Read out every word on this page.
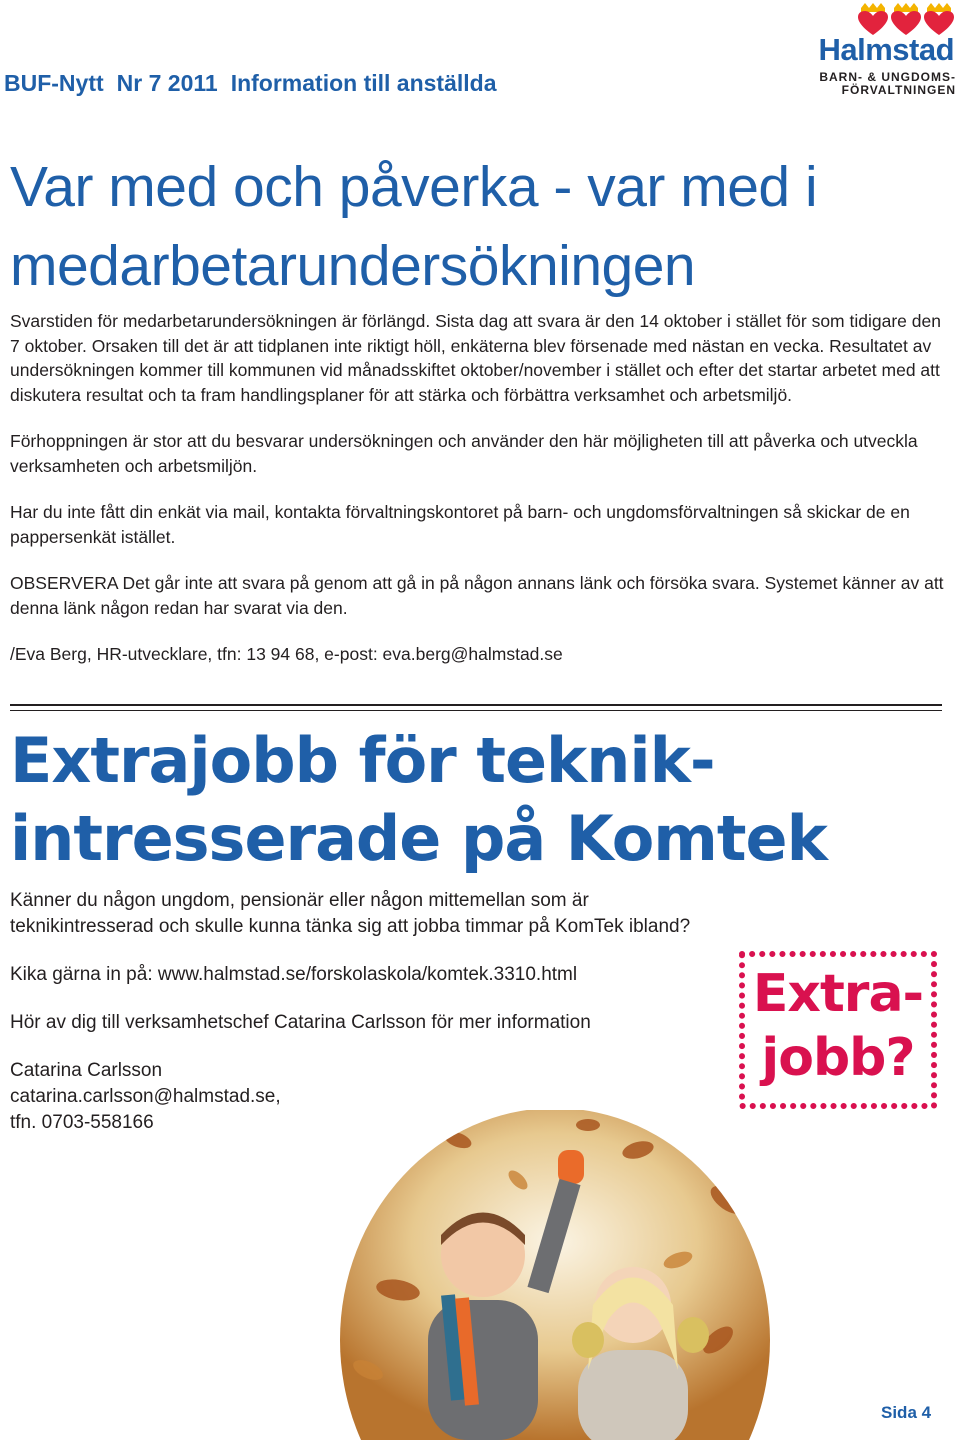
BUF-Nytt Nr 7 2011 Information till anställda
Halmstad
BARN- & UNGDOMS-
FÖRVALTNINGEN
Var med och påverka - var med i medarbetarundersökningen

Svarstiden för medarbetarundersökningen är förlängd. Sista dag att svara är den 14 oktober i stället för som tidigare den 7 oktober. Orsaken till det är att tidplanen inte riktigt höll, enkäterna blev försenade med nästan en vecka. Resultatet av undersökningen kommer till kommunen vid månadsskiftet oktober/november i stället och efter det startar arbetet med att diskutera resultat och ta fram handlingsplaner för att stärka och förbättra verksamhet och arbetsmiljö.

Förhoppningen är stor att du besvarar undersökningen och använder den här möjligheten till att påverka och utveckla verksamheten och arbetsmiljön.

Har du inte fått din enkät via mail, kontakta förvaltningskontoret på barn- och ungdomsförvaltningen så skickar de en pappersenkät istället.

OBSERVERA Det går inte att svara på genom att gå in på någon annans länk och försöka svara. Systemet känner av att denna länk någon redan har svarat via den.

/Eva Berg, HR-utvecklare, tfn: 13 94 68, e-post: eva.berg@halmstad.se

Extrajobb för teknik-intresserade på Komtek

Känner du någon ungdom, pensionär eller någon mittemellan som är teknikintresserad och skulle kunna tänka sig att jobba timmar på KomTek ibland?

Kika gärna in på: www.halmstad.se/forskolaskola/komtek.3310.html

Hör av dig till verksamhetschef Catarina Carlsson för mer information

Catarina Carlsson

catarina.carlsson@halmstad.se,

tfn. 0703-558166

Extra-
jobb?
Sida 4
